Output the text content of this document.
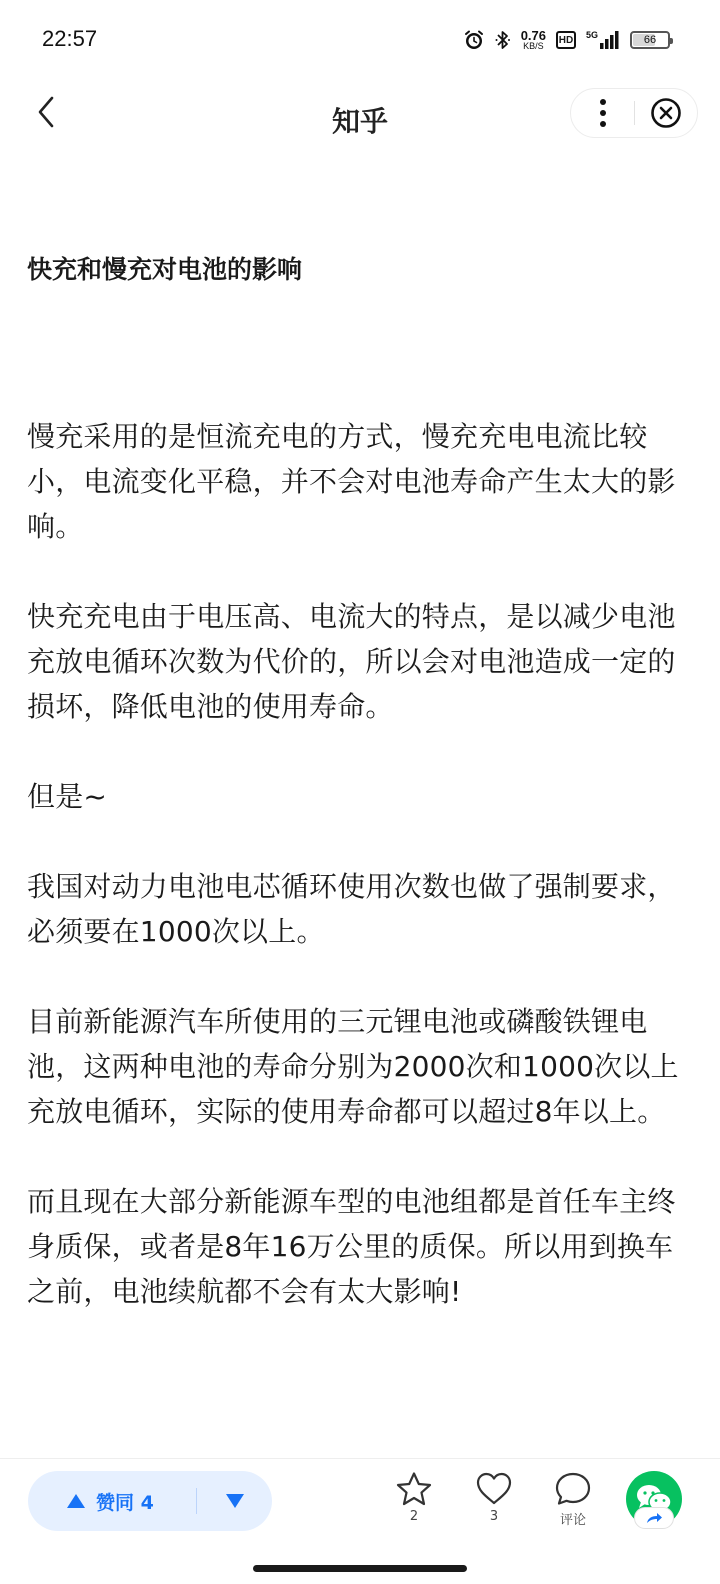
22:57	0.76
KB/S
HD	5G	66
知乎
快充和慢充对电池的影响

慢充采用的是恒流充电的方式，慢充充电电流比较小，电流变化平稳，并不会对电池寿命产生太大的影响。

快充充电由于电压高、电流大的特点，是以减少电池充放电循环次数为代价的，所以会对电池造成一定的损坏，降低电池的使用寿命。

但是~

我国对动力电池电芯循环使用次数也做了强制要求，必须要在1000次以上。

目前新能源汽车所使用的三元锂电池或磷酸铁锂电池，这两种电池的寿命分别为2000次和1000次以上充放电循环，实际的使用寿命都可以超过8年以上。

而且现在大部分新能源车型的电池组都是首任车主终身质保，或者是8年16万公里的质保。所以用到换车之前，电池续航都不会有太大影响!

赞同 4
2	3	评论
